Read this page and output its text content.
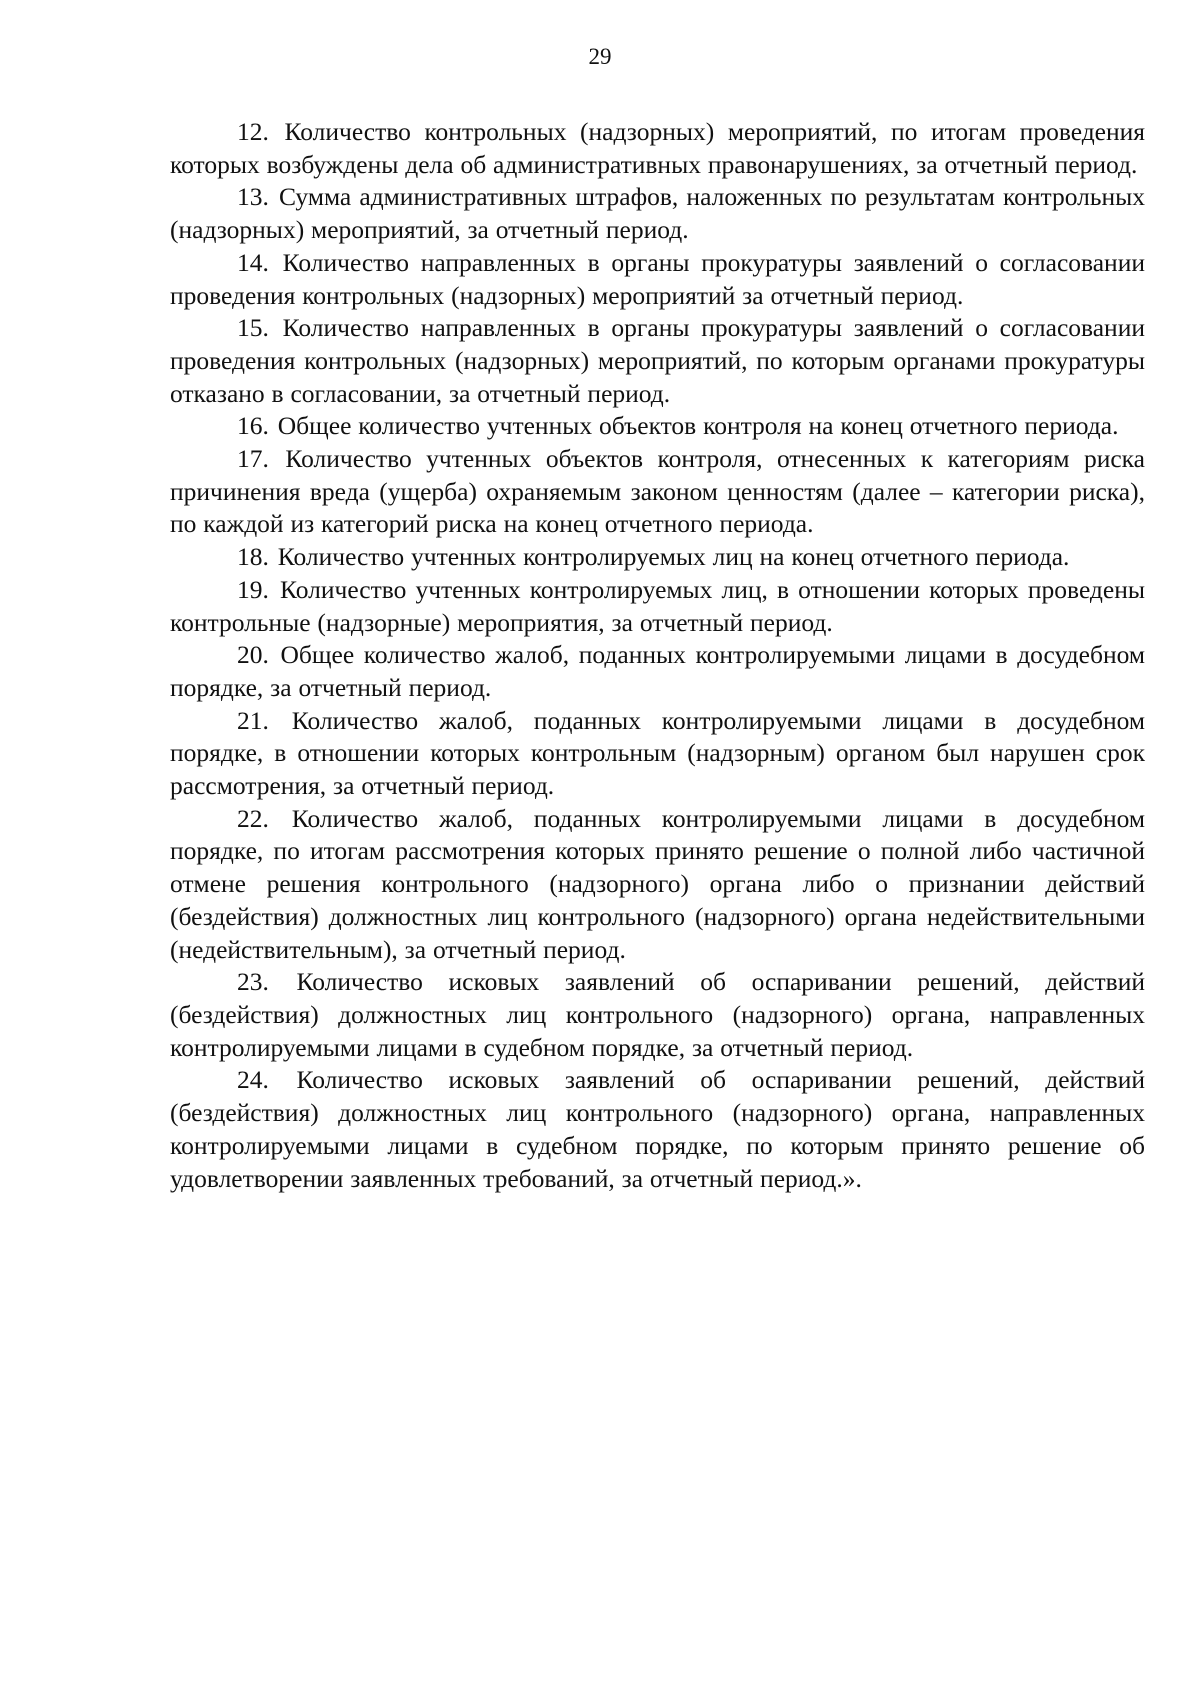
29

12. Количество контрольных (надзорных) мероприятий, по итогам проведения которых возбуждены дела об административных правонарушениях, за отчетный период.

13. Сумма административных штрафов, наложенных по результатам контрольных (надзорных) мероприятий, за отчетный период.

14. Количество направленных в органы прокуратуры заявлений о согласовании проведения контрольных (надзорных) мероприятий за отчетный период.

15. Количество направленных в органы прокуратуры заявлений о согласовании проведения контрольных (надзорных) мероприятий, по которым органами прокуратуры отказано в согласовании, за отчетный период.

16. Общее количество учтенных объектов контроля на конец отчетного периода.

17. Количество учтенных объектов контроля, отнесенных к категориям риска причинения вреда (ущерба) охраняемым законом ценностям (далее – категории риска), по каждой из категорий риска на конец отчетного периода.

18. Количество учтенных контролируемых лиц на конец отчетного периода.

19. Количество учтенных контролируемых лиц, в отношении которых проведены контрольные (надзорные) мероприятия, за отчетный период.

20. Общее количество жалоб, поданных контролируемыми лицами в досудебном порядке, за отчетный период.

21. Количество жалоб, поданных контролируемыми лицами в досудебном порядке, в отношении которых контрольным (надзорным) органом был нарушен срок рассмотрения, за отчетный период.

22. Количество жалоб, поданных контролируемыми лицами в досудебном порядке, по итогам рассмотрения которых принято решение о полной либо частичной отмене решения контрольного (надзорного) органа либо о признании действий (бездействия) должностных лиц контрольного (надзорного) органа недействительными (недействительным), за отчетный период.

23. Количество исковых заявлений об оспаривании решений, действий (бездействия) должностных лиц контрольного (надзорного) органа, направленных контролируемыми лицами в судебном порядке, за отчетный период.

24. Количество исковых заявлений об оспаривании решений, действий (бездействия) должностных лиц контрольного (надзорного) органа, направленных контролируемыми лицами в судебном порядке, по которым принято решение об удовлетворении заявленных требований, за отчетный период.».
